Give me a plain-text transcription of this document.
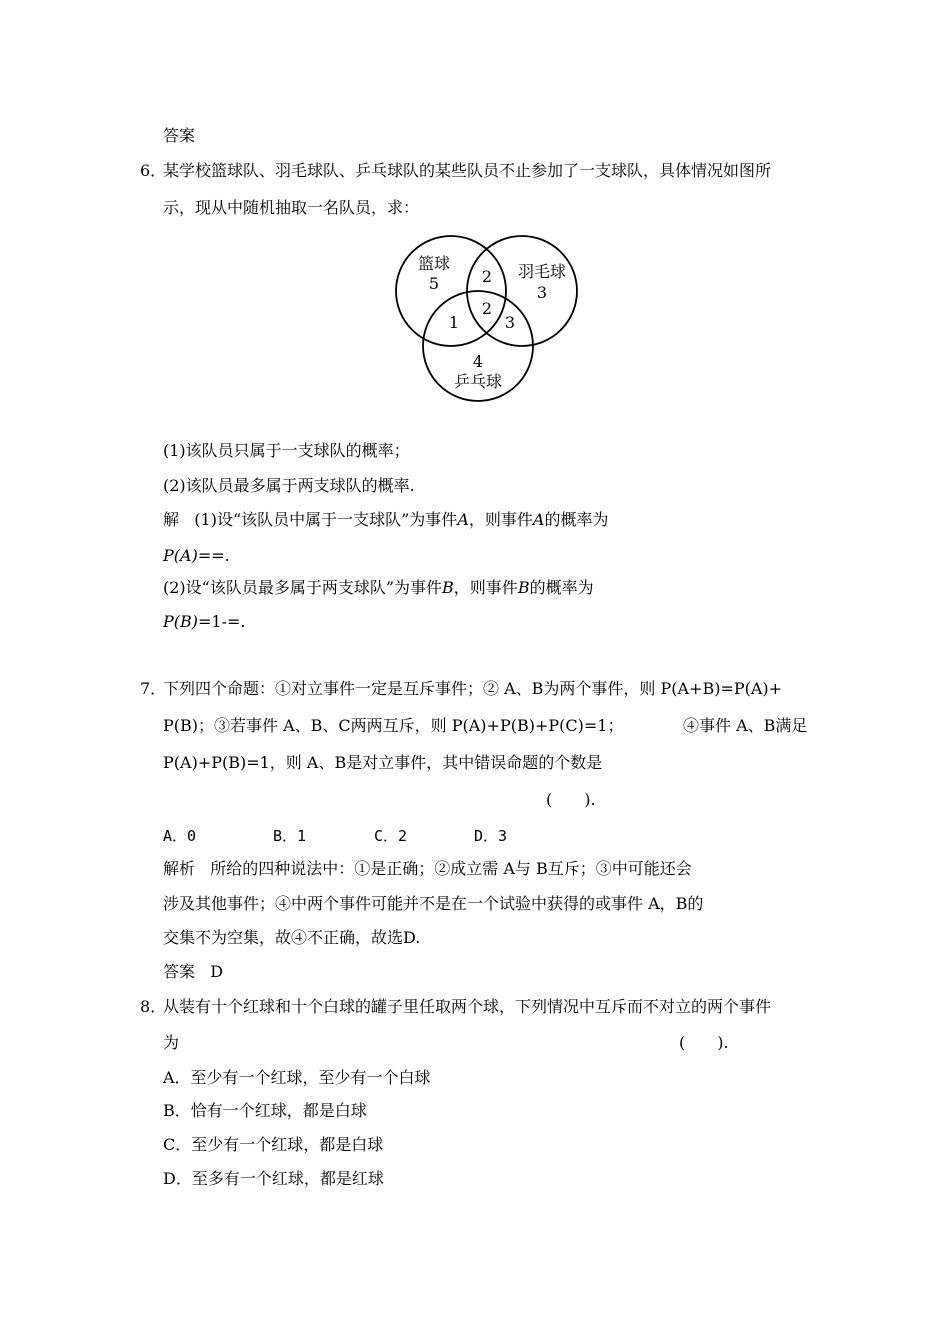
答案
6．
某学校篮球队、羽毛球队、乒乓球队的某些队员不止参加了一支球队，具体情况如图所
示，现从中随机抽取一名队员，求：
篮球
5
羽毛球
3
2
2
1	3
4
乒乓球
(1)该队员只属于一支球队的概率；
(2)该队员最多属于两支球队的概率.
解 (1)设“该队员中属于一支球队”为事件A，则事件A的概率为
P(A)==.
(2)设“该队员最多属于两支球队”为事件B，则事件B的概率为
P(B)=1-=.
7．
下列四个命题：①对立事件一定是互斥事件；② A、B为两个事件，则 P(A+B)=P(A)+
P(B)；③若事件 A、B、C两两互斥，则 P(A)+P(B)+P(C)=1；	④事件 A、B满足
P(A)+P(B)=1，则 A、B是对立事件，其中错误命题的个数是
(　　).
A．0	B．1	C．2	D．3
解析 所给的四种说法中：①是正确；②成立需 A与 B互斥；③中可能还会
涉及其他事件；④中两个事件可能并不是在一个试验中获得的或事件 A，B的
交集不为空集，故④不正确，故选D.
答案 D
8．
从装有十个红球和十个白球的罐子里任取两个球，下列情况中互斥而不对立的两个事件
为	(　　).
A．至少有一个红球，至少有一个白球
B．恰有一个红球，都是白球
C．至少有一个红球，都是白球
D．至多有一个红球，都是红球
